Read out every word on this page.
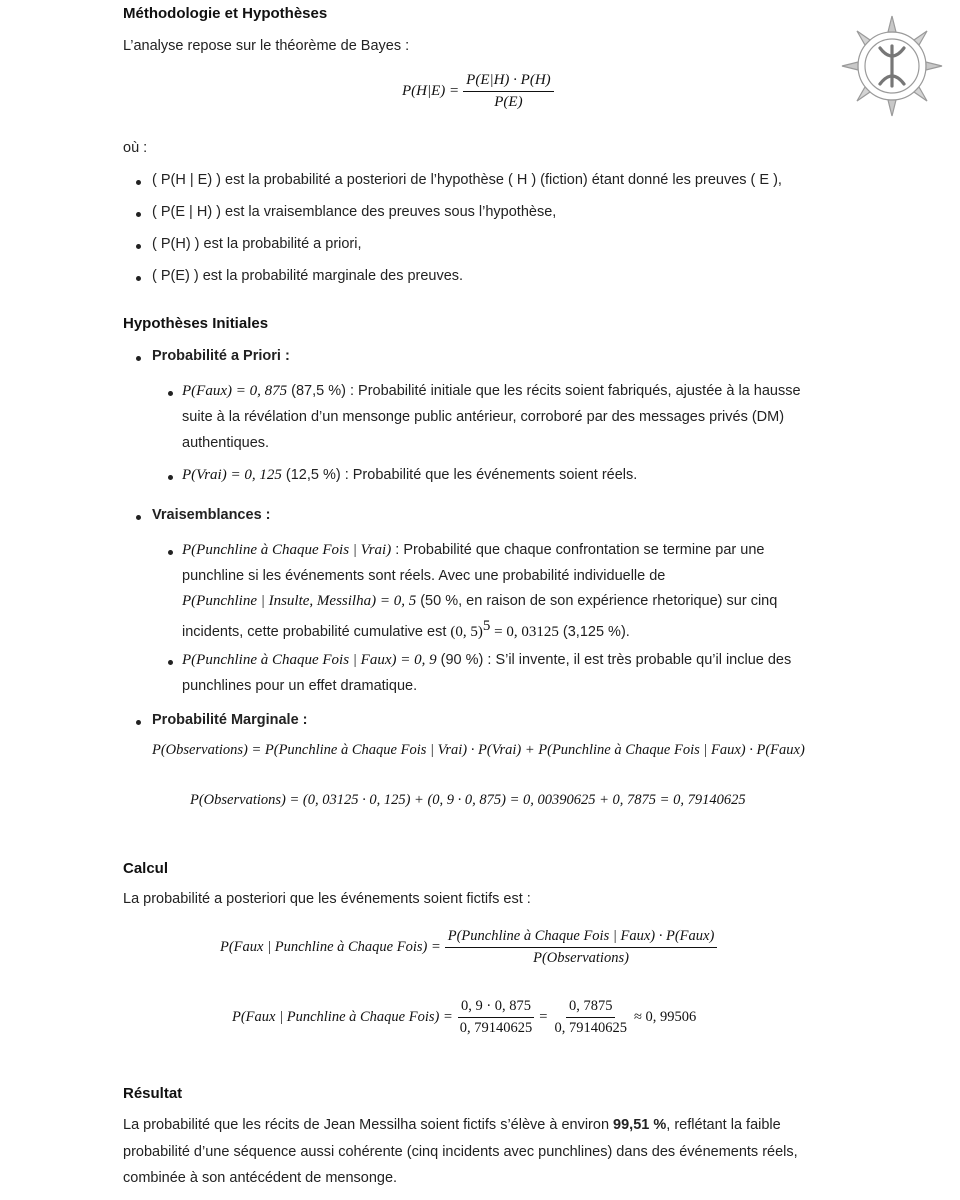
Méthodologie et Hypothèses
L’analyse repose sur le théorème de Bayes :
$P(H|E) = \frac{P(E|H) \cdot P(H)}{P(E)}$
où :
( P(H | E) ) est la probabilité a posteriori de l’hypothèse ( H ) (fiction) étant donné les preuves ( E ),
( P(E | H) ) est la vraisemblance des preuves sous l’hypothèse,
( P(H) ) est la probabilité a priori,
( P(E) ) est la probabilité marginale des preuves.
Hypothèses Initiales
Probabilité a Priori :
P(Faux) = 0, 875 (87,5 %) : Probabilité initiale que les récits soient fabriqués, ajustée à la hausse
suite à la révélation d’un mensonge public antérieur, corroboré par des messages privés (DM)
authentiques.
P(Vrai) = 0, 125 (12,5 %) : Probabilité que les événements soient réels.
Vraisemblances :
P(Punchline à Chaque Fois | Vrai) : Probabilité que chaque confrontation se termine par une
punchline si les événements sont réels. Avec une probabilité individuelle de
P(Punchline | Insulte, Messilha) = 0, 5 (50 %, en raison de son expérience rhetorique) sur cinq
incidents, cette probabilité cumulative est (0, 5)$^5$ = 0, 03125 (3,125 %).
P(Punchline à Chaque Fois | Faux) = 0, 9 (90 %) : S’il invente, il est très probable qu’il inclue des
punchlines pour un effet dramatique.
Probabilité Marginale :
P(Observations) = P(Punchline à Chaque Fois | Vrai) · P(Vrai) + P(Punchline à Chaque Fois | Faux) · P(Faux)
P(Observations) = (0, 03125 · 0, 125) + (0, 9 · 0, 875) = 0, 00390625 + 0, 7875 = 0, 79140625
Calcul
La probabilité a posteriori que les événements soient fictifs est :
P(Faux | Punchline à Chaque Fois) = $\frac{\text{P(Punchline à Chaque Fois | Faux) · P(Faux)}}{\text{P(Observations)}}$
P(Faux | Punchline à Chaque Fois) = $\frac{0, 9 \cdot 0, 875}{0, 79140625} = \frac{0, 7875}{0, 79140625} \approx 0$, 99506
Résultat
La probabilité que les récits de Jean Messilha soient fictifs s’élève à environ 99,51 %, reflétant la faible
probabilité d’une séquence aussi cohérente (cinq incidents avec punchlines) dans des événements réels,
combinée à son antécédent de mensonge.
